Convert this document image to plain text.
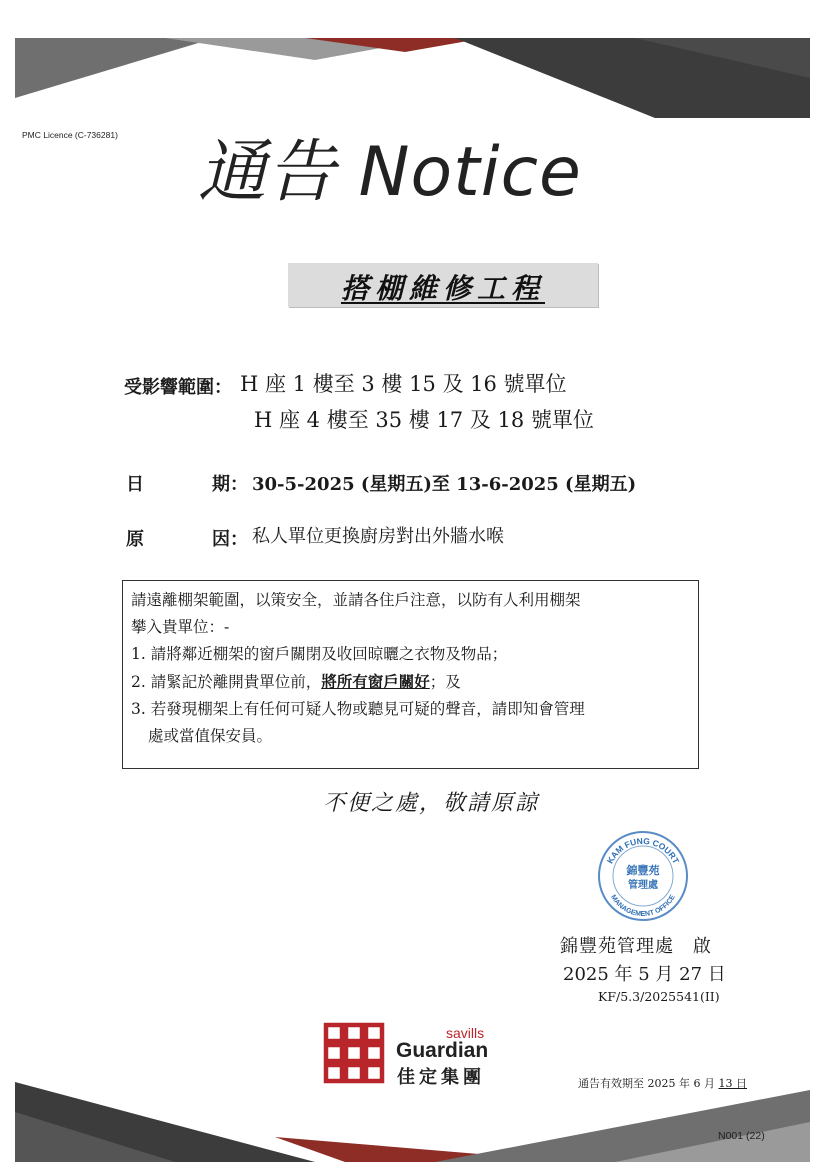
PMC Licence (C-736281) 通告 Notice
搭棚維修工程
受影響範圍： H 座 1 樓至 3 樓 15 及 16 號單位
H 座 4 樓至 35 樓 17 及 18 號單位
日	期： 30-5-2025 (星期五)至 13-6-2025 (星期五)
原	因： 私人單位更換廚房對出外牆水喉
請遠離棚架範圍，以策安全，並請各住戶注意，以防有人利用棚架
攀入貴單位：-
1. 請將鄰近棚架的窗戶關閉及收回晾曬之衣物及物品；
2. 請緊記於離開貴單位前，將所有窗戶關好；及
3. 若發現棚架上有任何可疑人物或聽見可疑的聲音，請即知會管理
處或當值保安員。
不便之處，敬請原諒
KAM FUNG COURT
錦豐苑
管理處
MANAGEMENT OFFICE
錦豐苑管理處　啟
2025 年 5 月 27 日
KF/5.3/2025541(II)
savills
Guardian
佳定集團	通告有效期至 2025 年 6 月 13 日
N001 (22)
